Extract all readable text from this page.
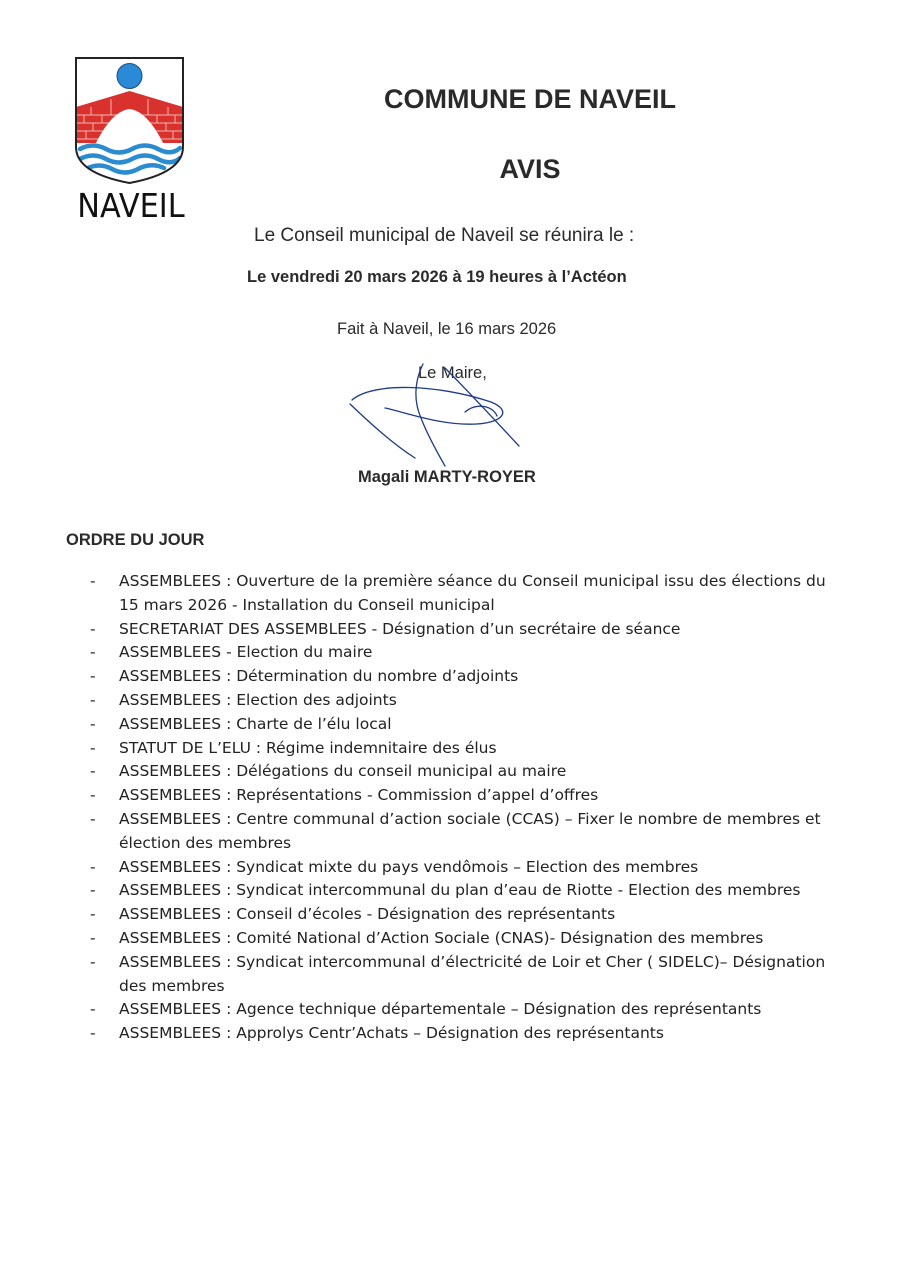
NAVEIL
COMMUNE DE NAVEIL
AVIS

Le Conseil municipal de Naveil se réunira le :

Le vendredi 20 mars 2026 à 19 heures à l’Actéon

Fait à Naveil, le 16 mars 2026

Le Maire,

Magali MARTY-ROYER

ORDRE DU JOUR
- ASSEMBLEES : Ouverture de la première séance du Conseil municipal issu des élections du 15 mars 2026 - Installation du Conseil municipal
- SECRETARIAT DES ASSEMBLEES - Désignation d’un secrétaire de séance
- ASSEMBLEES - Election du maire
- ASSEMBLEES : Détermination du nombre d’adjoints
- ASSEMBLEES : Election des adjoints
- ASSEMBLEES : Charte de l’élu local
- STATUT DE L’ELU : Régime indemnitaire des élus
- ASSEMBLEES : Délégations du conseil municipal au maire
- ASSEMBLEES : Représentations - Commission d’appel d’offres
- ASSEMBLEES : Centre communal d’action sociale (CCAS) – Fixer le nombre de membres et élection des membres
- ASSEMBLEES : Syndicat mixte du pays vendômois – Election des membres
- ASSEMBLEES : Syndicat intercommunal du plan d’eau de Riotte - Election des membres
- ASSEMBLEES : Conseil d’écoles - Désignation des représentants
- ASSEMBLEES : Comité National d’Action Sociale (CNAS)- Désignation des membres
- ASSEMBLEES : Syndicat intercommunal d’électricité de Loir et Cher ( SIDELC)– Désignation des membres
- ASSEMBLEES : Agence technique départementale – Désignation des représentants
- ASSEMBLEES : Approlys Centr’Achats – Désignation des représentants
